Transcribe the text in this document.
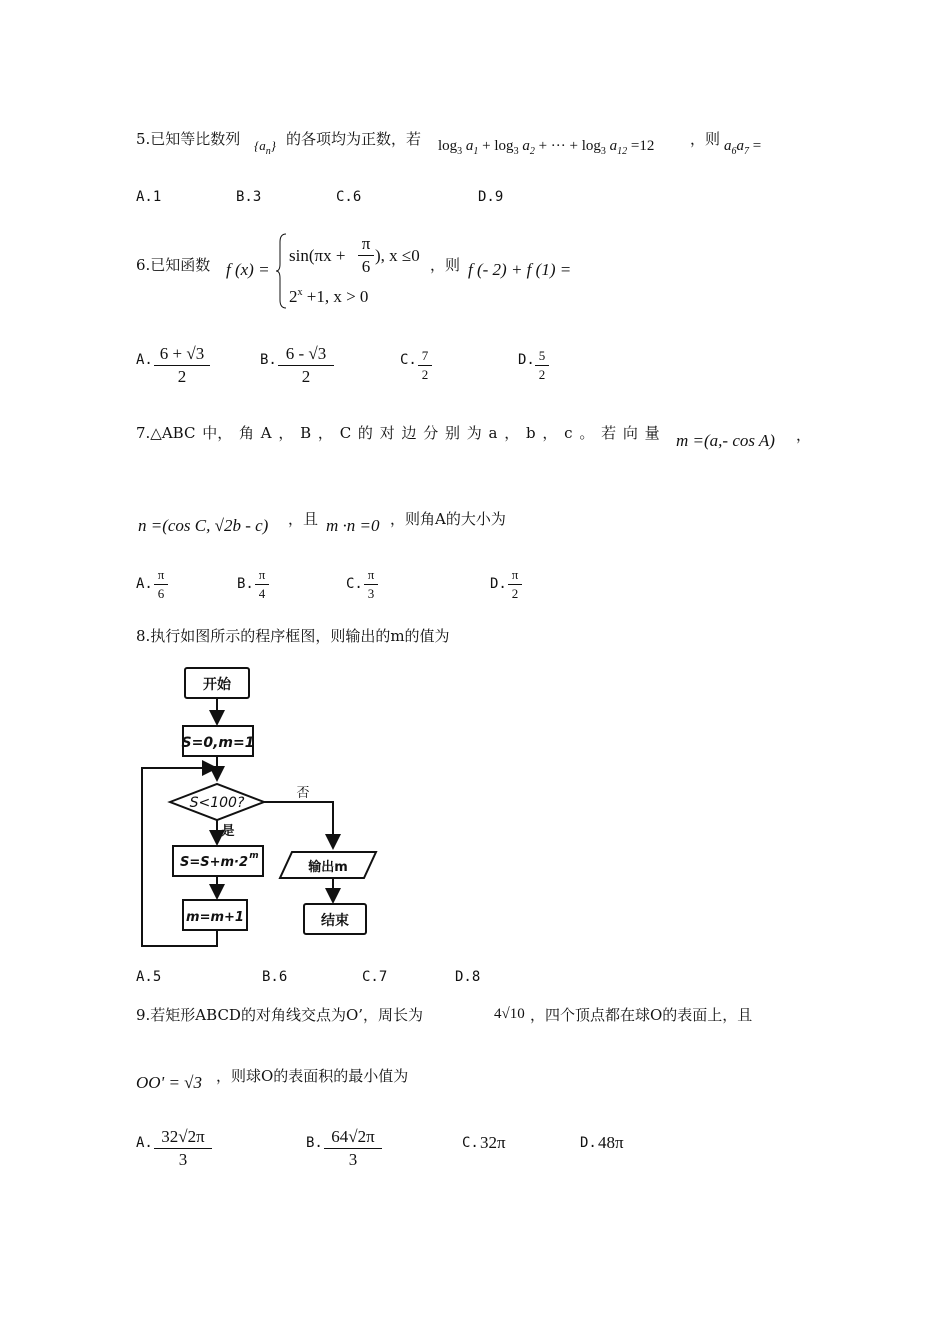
5.已知等比数列 $\{a_n\}$ 的各项均为正数，若 $\log_3 a_1 + \log_3 a_2$ + ··· + $\log_3 a_{12} =12$ ，则 $a_6a_7$ =
A.1	B.3	C.6	D.9
6.已知函数 f (x) =
sin(πx +
π
6
), x ≤0
$2^x +1$, x > 0
，则 f (- 2) + f (1) =
A. 6 + √3
2
B. 6 - √3
2
C. 7
2
D. 5
2
7.△ABC 中， 角 A ， B ， C 的 对 边 分 别 为 a ， b ， c 。 若 向 量 m =(a,- cos A) ，
n =(cos C, √2b - c) ，且 m ·n =0 ，则角A的大小为
A.
π
6
B.
π
4
C.
π
3
D.
π
2
8.执行如图所示的程序框图，则输出的m的值为
开始
S=0,m=1
S<100?
否
是
S=S+m·2 m
m=m+1
输出m
结束
A.5	B.6	C.7	D.8
9.若矩形ABCD的对角线交点为O’，周长为	4√10 ，四个顶点都在球O的表面上，且
OO' = √3 ，则球O的表面积的最小值为
A. 32√2π
3
B. 64√2π
3
C. 32π	D. 48π
